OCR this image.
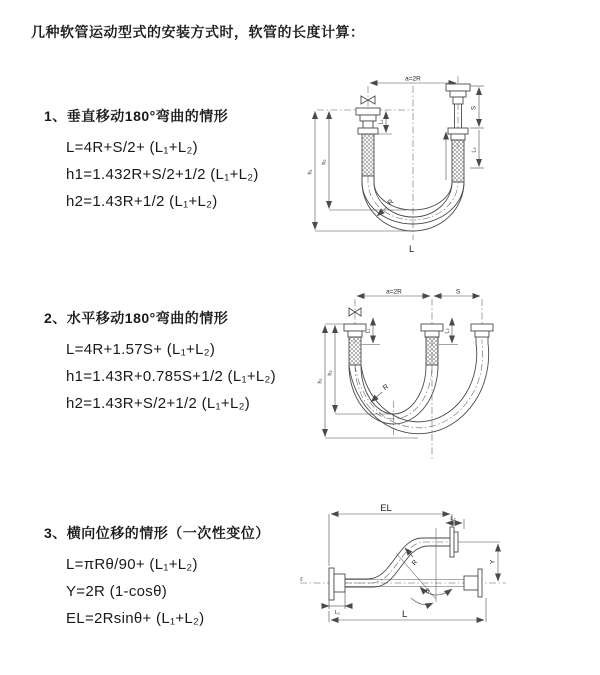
几种软管运动型式的安装方式时，软管的长度计算：
1、垂直移动180°弯曲的情形
L=4R+S/2+ (L₁+L₂)
h1=1.432R+S/2+1/2 (L₁+L₂)
h2=1.43R+1/2 (L₁+L₂)
2、水平移动180°弯曲的情形
L=4R+1.57S+ (L₁+L₂)
h1=1.43R+0.785S+1/2 (L₁+L₂)
h2=1.43R+S/2+1/2 (L₁+L₂)
3、横向位移的情形（一次性变位）
L=πRθ/90+ (L₁+L₂)
Y=2R (1-cosθ)
EL=2Rsinθ+ (L₁+L₂)
a=2R
L₁
S
L₂
R
h₁
h₂
L
a=2R	S
L₁	L₂
R
h₁
h₂
z
EL
L₂
Y
R
θ
L₁	L
